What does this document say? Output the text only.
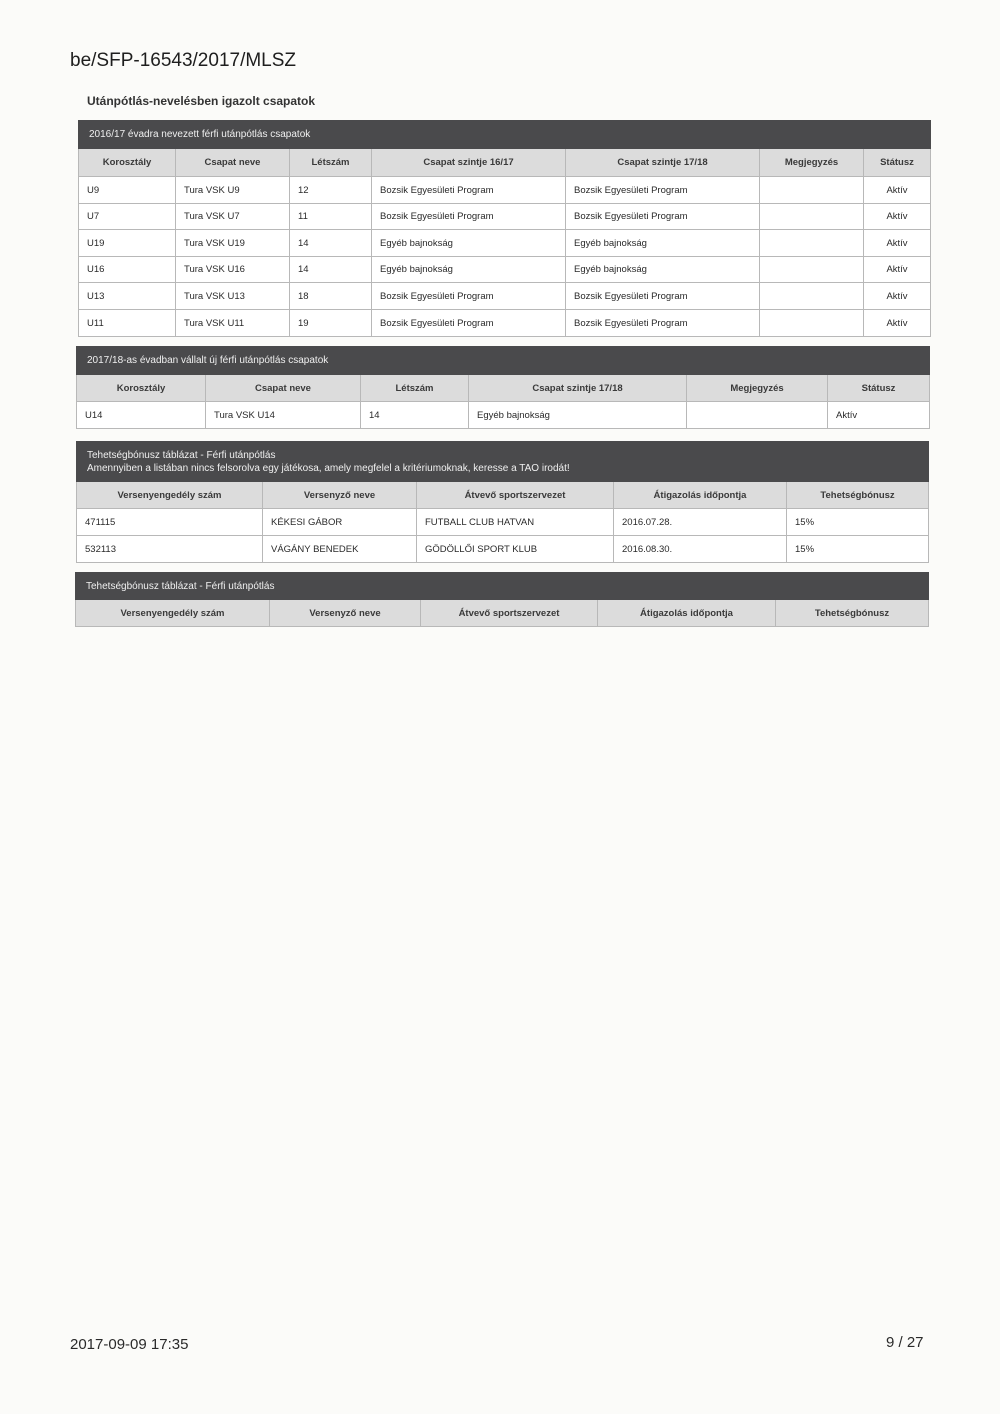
be/SFP-16543/2017/MLSZ
Utánpótlás-nevelésben igazolt csapatok
2016/17 évadra nevezett férfi utánpótlás csapatok						
Korosztály	Csapat neve	Létszám	Csapat szintje 16/17	Csapat szintje 17/18	Megjegyzés	Státusz
U9	Tura VSK U9	12	Bozsik Egyesületi Program	Bozsik Egyesületi Program		Aktív
U7	Tura VSK U7	11	Bozsik Egyesületi Program	Bozsik Egyesületi Program		Aktív
U19	Tura VSK U19	14	Egyéb bajnokság	Egyéb bajnokság		Aktív
U16	Tura VSK U16	14	Egyéb bajnokság	Egyéb bajnokság		Aktív
U13	Tura VSK U13	18	Bozsik Egyesületi Program	Bozsik Egyesületi Program		Aktív
U11	Tura VSK U11	19	Bozsik Egyesületi Program	Bozsik Egyesületi Program		Aktív
2017/18-as évadban vállalt új férfi utánpótlás csapatok					
Korosztály	Csapat neve	Létszám	Csapat szintje 17/18	Megjegyzés	Státusz
U14	Tura VSK U14	14	Egyéb bajnokság		Aktív
Tehetségbónusz táblázat - Férfi utánpótlás
Amennyiben a listában nincs felsorolva egy játékosa, amely megfelel a kritériumoknak, keresse a TAO irodát!				

Versenyengedély szám	Versenyző neve	Átvevő sportszervezet	Átigazolás időpontja	Tehetségbónusz
471115	KÉKESI GÁBOR	FUTBALL CLUB HATVAN	2016.07.28.	15%
532113	VÁGÁNY BENEDEK	GÖDÖLLŐI SPORT KLUB	2016.08.30.	15%
Tehetségbónusz táblázat - Férfi utánpótlás
Versenyengedély szám	Versenyző neve	Átvevő sportszervezet	Átigazolás időpontja	Tehetségbónusz
2017-09-09 17:35	9 / 27
